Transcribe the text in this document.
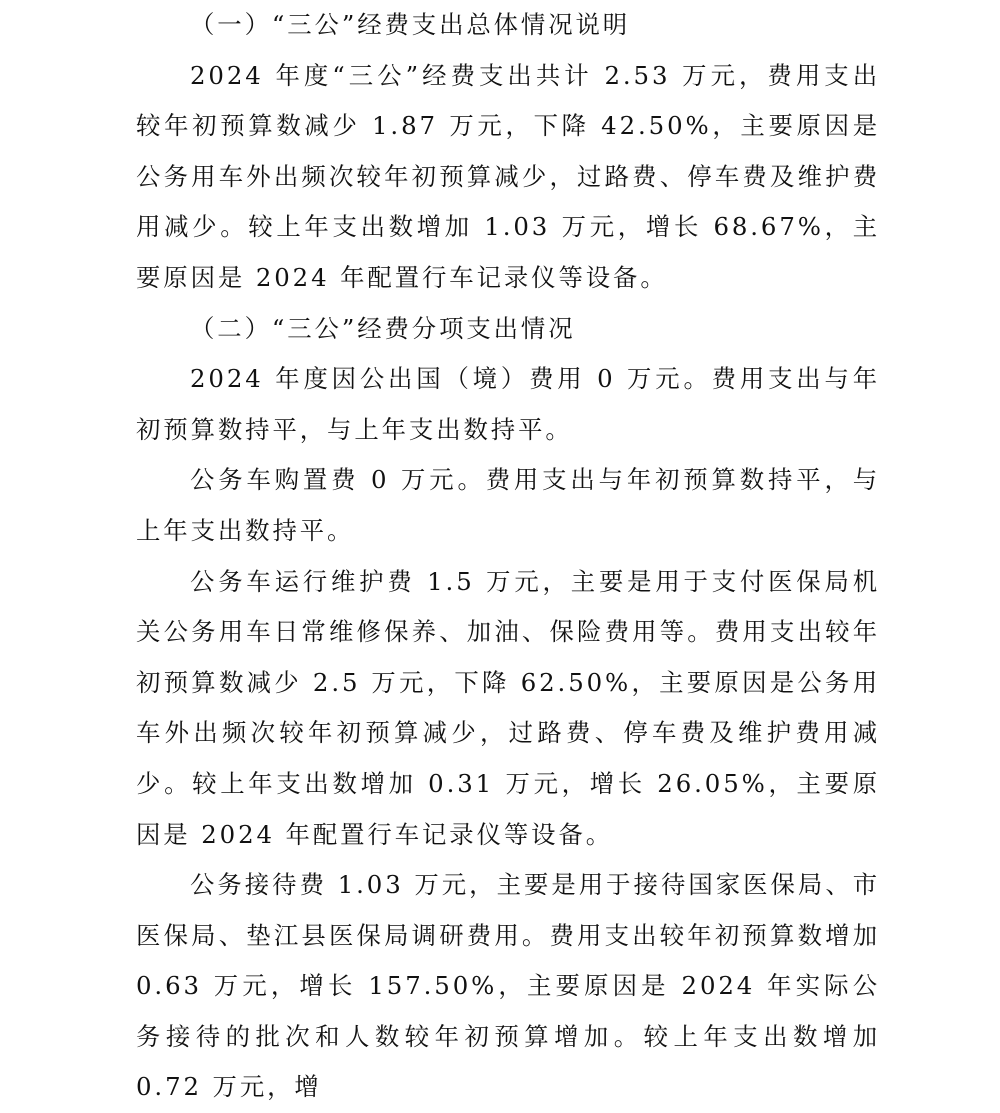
（一）“三公”经费支出总体情况说明

2024 年度“三公”经费支出共计 2.53 万元，费用支出较年初预算数减少 1.87 万元，下降 42.50%，主要原因是公务用车外出频次较年初预算减少，过路费、停车费及维护费用减少。较上年支出数增加 1.03 万元，增长 68.67%，主要原因是 2024 年配置行车记录仪等设备。

（二）“三公”经费分项支出情况

2024 年度因公出国（境）费用 0 万元。费用支出与年初预算数持平，与上年支出数持平。

公务车购置费 0 万元。费用支出与年初预算数持平，与上年支出数持平。

公务车运行维护费 1.5 万元，主要是用于支付医保局机关公务用车日常维修保养、加油、保险费用等。费用支出较年初预算数减少 2.5 万元，下降 62.50%，主要原因是公务用车外出频次较年初预算减少，过路费、停车费及维护费用减少。较上年支出数增加 0.31 万元，增长 26.05%，主要原因是 2024 年配置行车记录仪等设备。

公务接待费 1.03 万元，主要是用于接待国家医保局、市医保局、垫江县医保局调研费用。费用支出较年初预算数增加 0.63 万元，增长 157.50%，主要原因是 2024 年实际公务接待的批次和人数较年初预算增加。较上年支出数增加 0.72 万元，增
